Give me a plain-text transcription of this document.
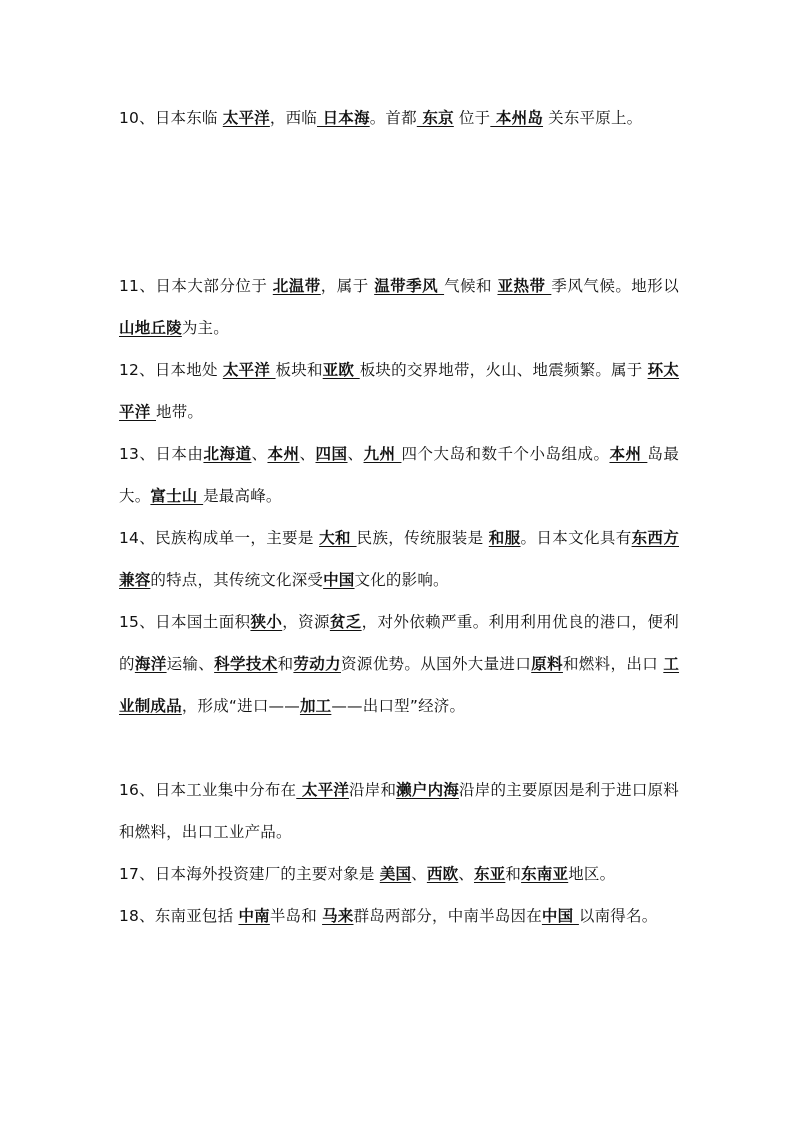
10、日本东临 太平洋，西临 日本海。首都 东京 位于 本州岛 关东平原上。

11、日本大部分位于 北温带，属于 温带季风 气候和 亚热带 季风气候。地形以山地丘陵为主。

12、日本地处 太平洋 板块和亚欧 板块的交界地带，火山、地震频繁。属于 环太平洋 地带。

13、日本由北海道、本州、四国、九州 四个大岛和数千个小岛组成。本州 岛最大。富士山 是最高峰。

14、民族构成单一，主要是 大和 民族，传统服装是 和服。日本文化具有东西方兼容的特点，其传统文化深受中国文化的影响。

15、日本国土面积狭小，资源贫乏，对外依赖严重。利用利用优良的港口，便利的海洋运输、科学技术和劳动力资源优势。从国外大量进口原料和燃料，出口 工业制成品，形成“进口——加工——出口型”经济。

16、日本工业集中分布在 太平洋沿岸和濑户内海沿岸的主要原因是利于进口原料和燃料，出口工业产品。

17、日本海外投资建厂的主要对象是 美国、西欧、东亚和东南亚地区。

18、东南亚包括 中南半岛和 马来群岛两部分，中南半岛因在中国 以南得名。
